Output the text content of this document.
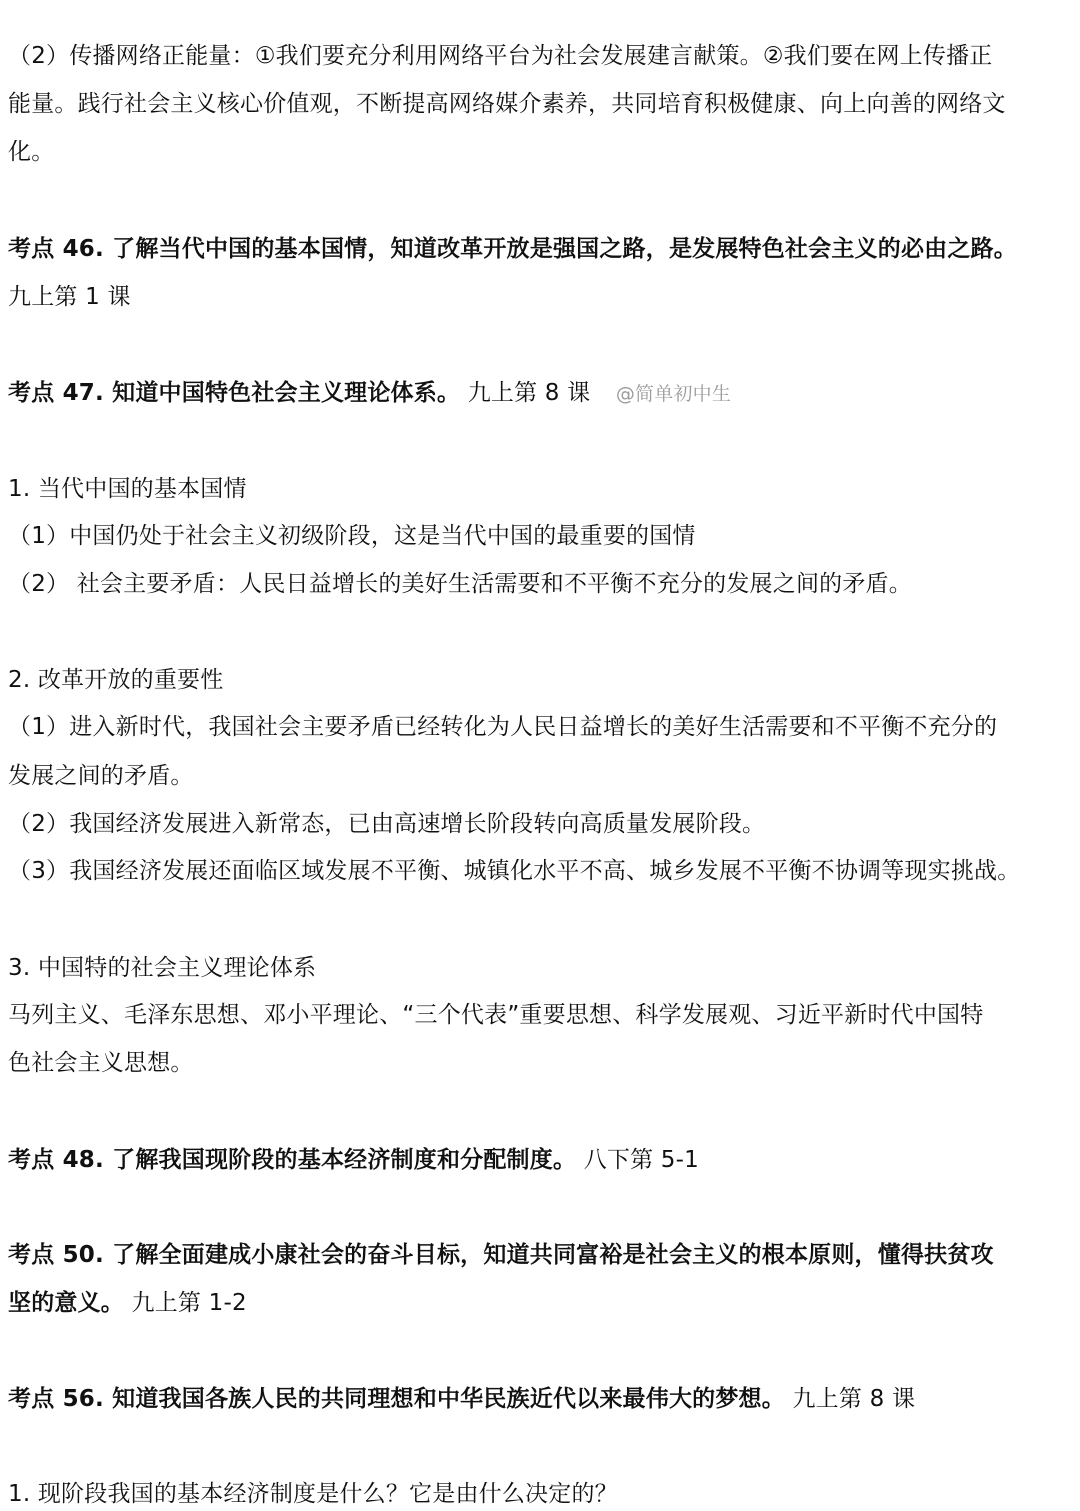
（2）传播网络正能量：①我们要充分利用网络平台为社会发展建言献策。②我们要在网上传播正
能量。践行社会主义核心价值观，不断提高网络媒介素养，共同培育积极健康、向上向善的网络文
化。
考点 46. 了解当代中国的基本国情，知道改革开放是强国之路，是发展特色社会主义的必由之路。
九上第 1 课
考点 47. 知道中国特色社会主义理论体系。 九上第 8 课 @简单初中生
1. 当代中国的基本国情
（1）中国仍处于社会主义初级阶段，这是当代中国的最重要的国情
（2） 社会主要矛盾：人民日益增长的美好生活需要和不平衡不充分的发展之间的矛盾。
2. 改革开放的重要性
（1）进入新时代，我国社会主要矛盾已经转化为人民日益增长的美好生活需要和不平衡不充分的
发展之间的矛盾。
（2）我国经济发展进入新常态，已由高速增长阶段转向高质量发展阶段。
（3）我国经济发展还面临区域发展不平衡、城镇化水平不高、城乡发展不平衡不协调等现实挑战。
3. 中国特的社会主义理论体系
马列主义、毛泽东思想、邓小平理论、“三个代表”重要思想、科学发展观、习近平新时代中国特
色社会主义思想。
考点 48. 了解我国现阶段的基本经济制度和分配制度。 八下第 5-1
考点 50. 了解全面建成小康社会的奋斗目标，知道共同富裕是社会主义的根本原则，懂得扶贫攻
坚的意义。 九上第 1-2
考点 56. 知道我国各族人民的共同理想和中华民族近代以来最伟大的梦想。 九上第 8 课
1. 现阶段我国的基本经济制度是什么？它是由什么决定的？
